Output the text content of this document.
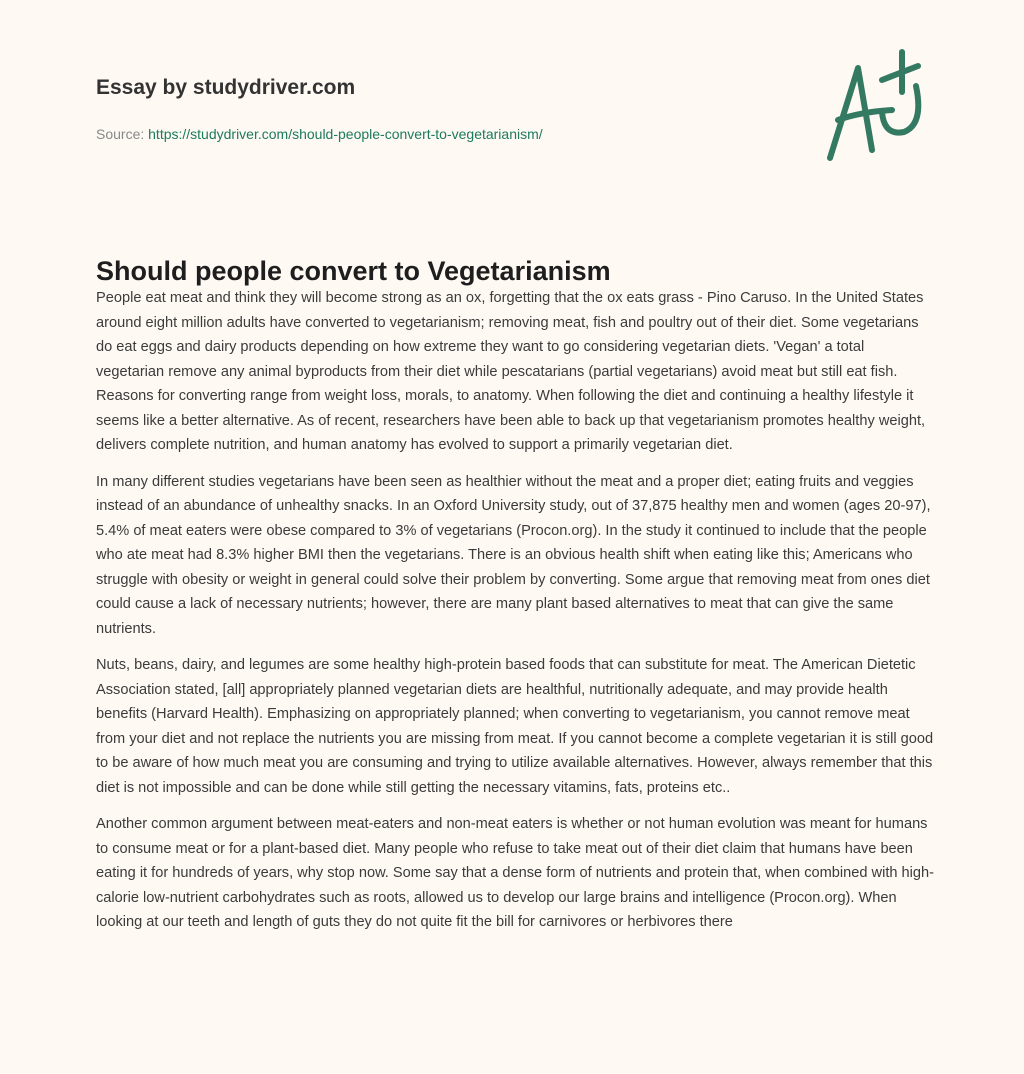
Essay by studydriver.com
Source: https://studydriver.com/should-people-convert-to-vegetarianism/
Should people convert to Vegetarianism

People eat meat and think they will become strong as an ox, forgetting that the ox eats grass - Pino Caruso. In the United States around eight million adults have converted to vegetarianism; removing meat, fish and poultry out of their diet. Some vegetarians do eat eggs and dairy products depending on how extreme they want to go considering vegetarian diets. 'Vegan' a total vegetarian remove any animal byproducts from their diet while pescatarians (partial vegetarians) avoid meat but still eat fish. Reasons for converting range from weight loss, morals, to anatomy. When following the diet and continuing a healthy lifestyle it seems like a better alternative. As of recent, researchers have been able to back up that vegetarianism promotes healthy weight, delivers complete nutrition, and human anatomy has evolved to support a primarily vegetarian diet.

In many different studies vegetarians have been seen as healthier without the meat and a proper diet; eating fruits and veggies instead of an abundance of unhealthy snacks. In an Oxford University study, out of 37,875 healthy men and women (ages 20-97), 5.4% of meat eaters were obese compared to 3% of vegetarians (Procon.org). In the study it continued to include that the people who ate meat had 8.3% higher BMI then the vegetarians. There is an obvious health shift when eating like this; Americans who struggle with obesity or weight in general could solve their problem by converting. Some argue that removing meat from ones diet could cause a lack of necessary nutrients; however, there are many plant based alternatives to meat that can give the same nutrients.

Nuts, beans, dairy, and legumes are some healthy high-protein based foods that can substitute for meat. The American Dietetic Association stated, [all] appropriately planned vegetarian diets are healthful, nutritionally adequate, and may provide health benefits (Harvard Health). Emphasizing on appropriately planned; when converting to vegetarianism, you cannot remove meat from your diet and not replace the nutrients you are missing from meat. If you cannot become a complete vegetarian it is still good to be aware of how much meat you are consuming and trying to utilize available alternatives. However, always remember that this diet is not impossible and can be done while still getting the necessary vitamins, fats, proteins etc..

Another common argument between meat-eaters and non-meat eaters is whether or not human evolution was meant for humans to consume meat or for a plant-based diet. Many people who refuse to take meat out of their diet claim that humans have been eating it for hundreds of years, why stop now. Some say that a dense form of nutrients and protein that, when combined with high-calorie low-nutrient carbohydrates such as roots, allowed us to develop our large brains and intelligence (Procon.org). When looking at our teeth and length of guts they do not quite fit the bill for carnivores or herbivores there
